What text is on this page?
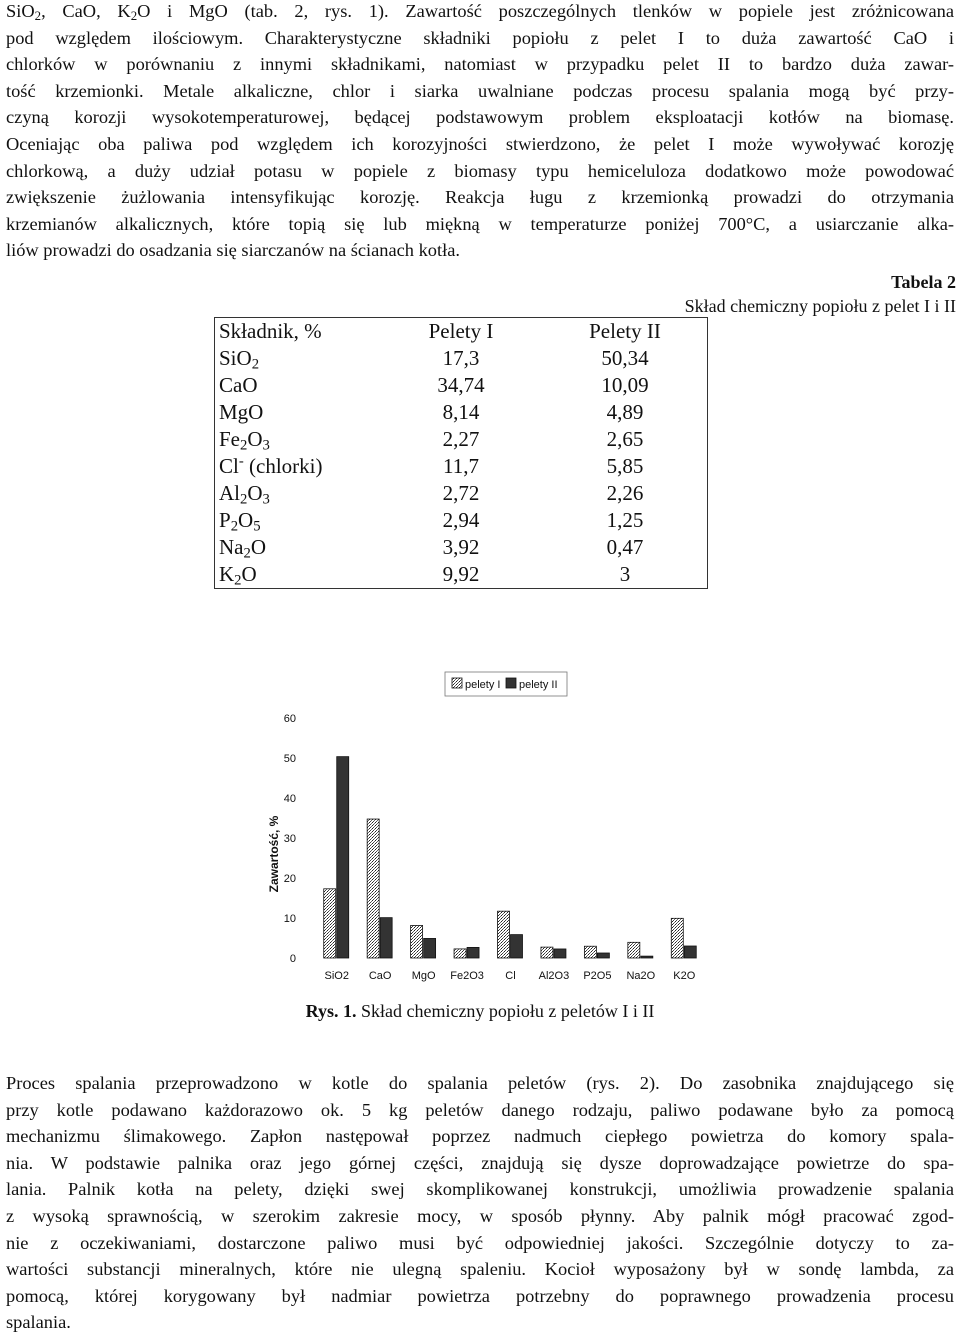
SiO$_2$, CaO, $K_2O$ i MgO (tab. 2, rys. 1). Zawartość poszczególnych tlenków w popiele jest zróżnicowana
pod względem ilościowym. Charakterystyczne składniki popiołu z pelet I to duża zawartość CaO i
chlorków w porównaniu z innymi składnikami, natomiast w przypadku pelet II to bardzo duża zawar-
tość krzemionki. Metale alkaliczne, chlor i siarka uwalniane podczas procesu spalania mogą być przy-
czyną korozji wysokotemperaturowej, będącej podstawowym problem eksploatacji kotłów na biomasę.
Oceniając oba paliwa pod względem ich korozyjności stwierdzono, że pelet I może wywoływać korozję
chlorkową, a duży udział potasu w popiele z biomasy typu hemiceluloza dodatkowo może powodować
zwiększenie żużlowania intensyfikując korozję. Reakcja ługu z krzemionką prowadzi do otrzymania
krzemianów alkalicznych, które topią się lub miękną w temperaturze poniżej 700°C, a usiarczanie alka-
liów prowadzi do osadzania się siarczanów na ścianach kotła.

Tabela 2

Skład chemiczny popiołu z pelet I i II

Składnik, %	Pelety I	Pelety II
SiO$_2$	17,3	50,34
CaO	34,74	10,09
MgO	8,14	4,89
$Fe_2O_3$	2,27	2,65
Cl- (chlorki)	11,7	5,85
$Al_2O_3$	2,72	2,26
$P_2O_5$	2,94	1,25
$Na_2O$	3,92	0,47
$K_2O$	9,92	3
0
10
20
30
40
50
60
Zawartość, %
SiO2 CaO MgO Fe2O3 Cl Al2O3 P2O5 Na2O K2O
pelety I pelety II

Rys. 1. Skład chemiczny popiołu z peletów I i II

Proces spalania przeprowadzono w kotle do spalania peletów (rys. 2). Do zasobnika znajdującego się
przy kotle podawano każdorazowo ok. 5 kg peletów danego rodzaju, paliwo podawane było za pomocą
mechanizmu ślimakowego. Zapłon następował poprzez nadmuch ciepłego powietrza do komory spala-
nia. W podstawie palnika oraz jego górnej części, znajdują się dysze doprowadzające powietrze do spa-
lania. Palnik kotła na pelety, dzięki swej skomplikowanej konstrukcji, umożliwia prowadzenie spalania
z wysoką sprawnością, w szerokim zakresie mocy, w sposób płynny. Aby palnik mógł pracować zgod-
nie z oczekiwaniami, dostarczone paliwo musi być odpowiedniej jakości. Szczególnie dotyczy to za-
wartości substancji mineralnych, które nie ulegną spaleniu. Kocioł wyposażony był w sondę lambda, za
pomocą, której korygowany był nadmiar powietrza potrzebny do poprawnego prowadzenia procesu
spalania.
